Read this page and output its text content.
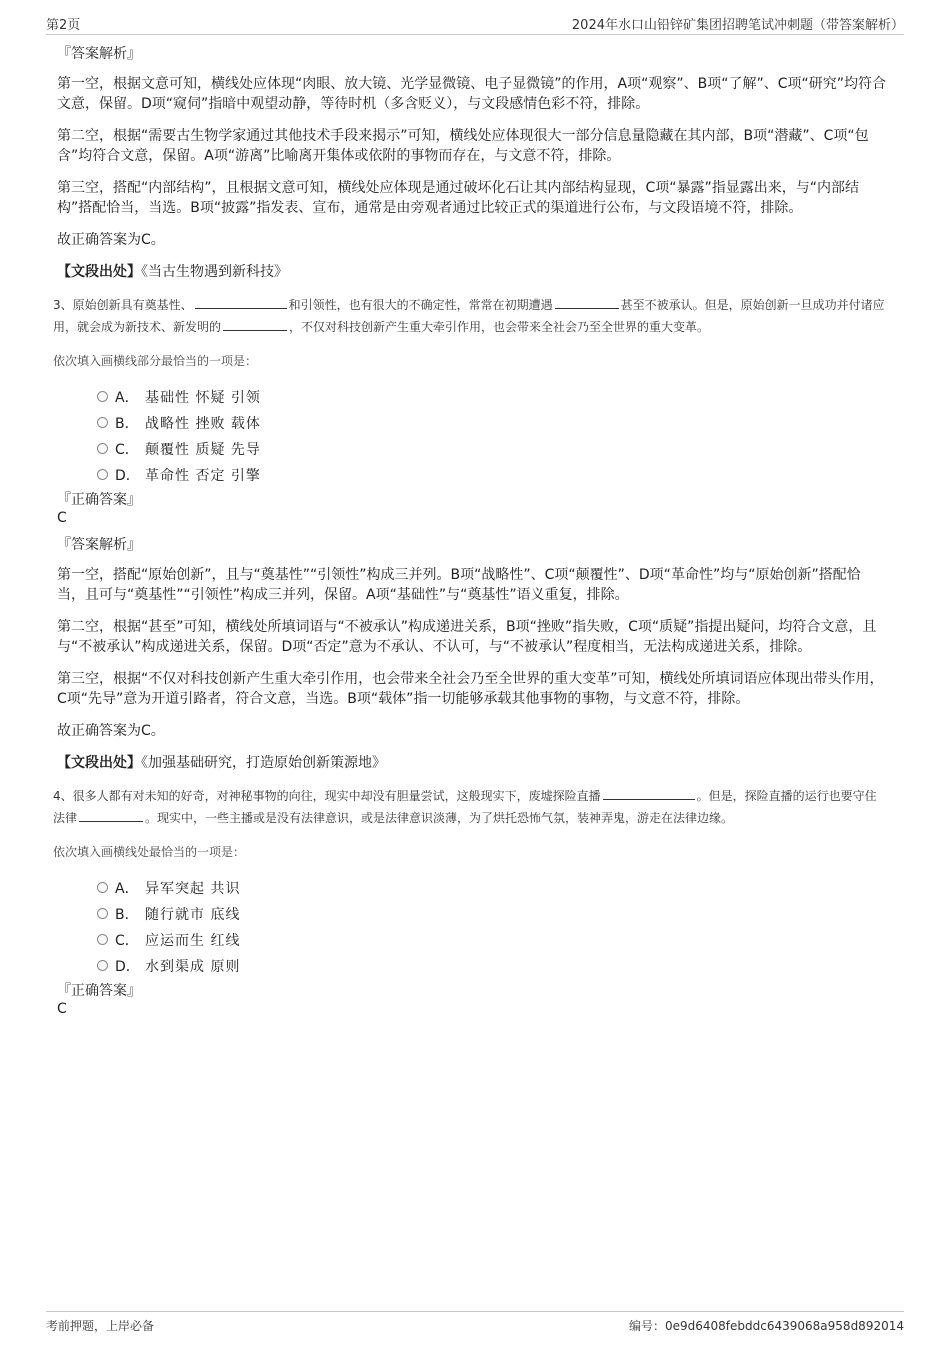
第2页	2024年水口山铅锌矿集团招聘笔试冲刺题（带答案解析）
『答案解析』

第一空，根据文意可知，横线处应体现“肉眼、放大镜、光学显微镜、电子显微镜”的作用，A项“观察”、B项“了解”、C项“研究”均符合文意，保留。D项“窥伺”指暗中观望动静，等待时机（多含贬义），与文段感情色彩不符，排除。

第二空，根据“需要古生物学家通过其他技术手段来揭示”可知，横线处应体现很大一部分信息量隐藏在其内部，B项“潜藏”、C项“包含”均符合文意，保留。A项“游离”比喻离开集体或依附的事物而存在，与文意不符，排除。

第三空，搭配“内部结构”，且根据文意可知，横线处应体现是通过破坏化石让其内部结构显现，C项“暴露”指显露出来，与“内部结构”搭配恰当，当选。B项“披露”指发表、宣布，通常是由旁观者通过比较正式的渠道进行公布，与文段语境不符，排除。

故正确答案为C。

【文段出处】《当古生物遇到新科技》

3、原始创新具有奠基性、	和引领性，也有很大的不确定性，常常在初期遭遇	甚至不被承认。但是，原始创新一旦成功并付诸应用，就会成为新技术、新发明的	，不仅对科技创新产生重大牵引作用，也会带来全社会乃至全世界的重大变革。
依次填入画横线部分最恰当的一项是：
A． 基础性 怀疑 引领
B． 战略性 挫败 载体
C． 颠覆性 质疑 先导
D． 革命性 否定 引擎
『正确答案』
C
『答案解析』

第一空，搭配“原始创新”，且与“奠基性”“引领性”构成三并列。B项“战略性”、C项“颠覆性”、D项“革命性”均与“原始创新”搭配恰当，且可与“奠基性”“引领性”构成三并列，保留。A项“基础性”与“奠基性”语义重复，排除。

第二空，根据“甚至”可知，横线处所填词语与“不被承认”构成递进关系，B项“挫败”指失败，C项“质疑”指提出疑问，均符合文意，且与“不被承认”构成递进关系，保留。D项“否定”意为不承认、不认可，与“不被承认”程度相当，无法构成递进关系，排除。

第三空，根据“不仅对科技创新产生重大牵引作用，也会带来全社会乃至全世界的重大变革”可知，横线处所填词语应体现出带头作用，C项“先导”意为开道引路者，符合文意，当选。B项“载体”指一切能够承载其他事物的事物，与文意不符，排除。

故正确答案为C。

【文段出处】《加强基础研究，打造原始创新策源地》

4、很多人都有对未知的好奇，对神秘事物的向往，现实中却没有胆量尝试，这般现实下，废墟探险直播	。但是，探险直播的运行也要守住法律	。现实中，一些主播或是没有法律意识，或是法律意识淡薄，为了烘托恐怖气氛，装神弄鬼，游走在法律边缘。
依次填入画横线处最恰当的一项是：
A． 异军突起 共识
B． 随行就市 底线
C． 应运而生 红线
D． 水到渠成 原则
『正确答案』
C
考前押题，上岸必备	编号：0e9d6408febddc6439068a958d892014
